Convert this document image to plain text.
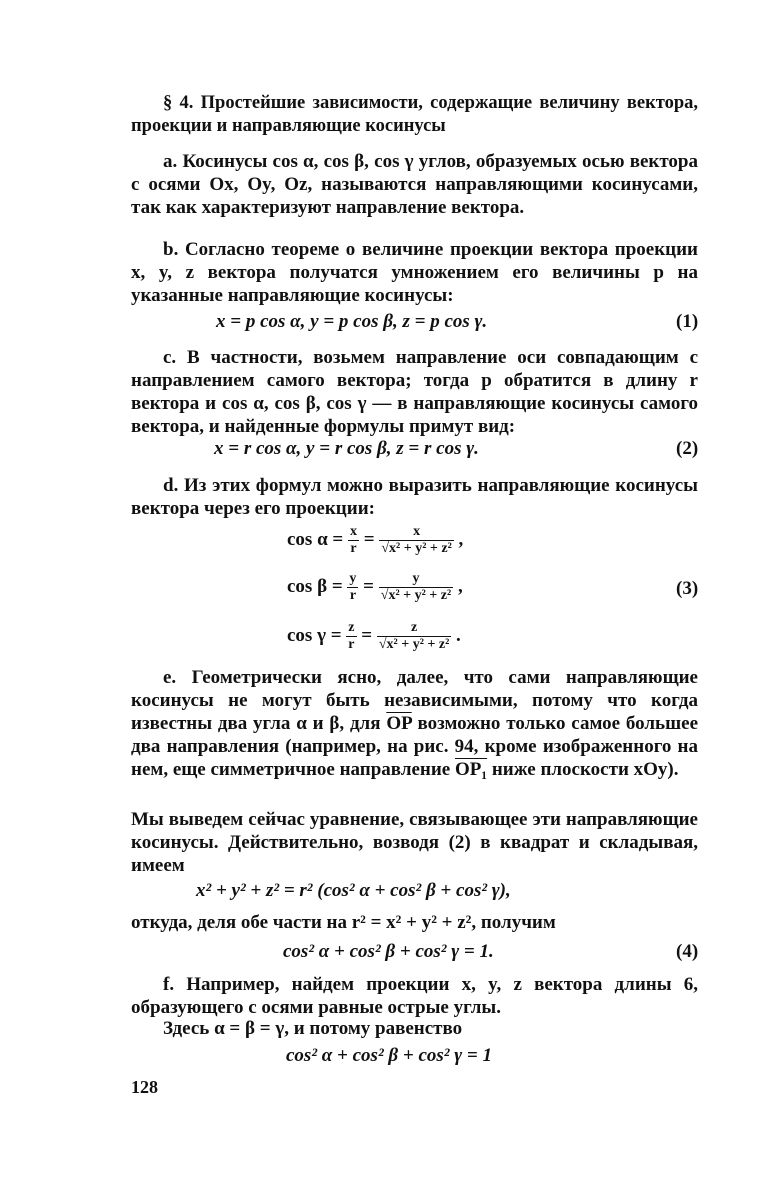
§ 4. Простейшие зависимости, содержащие величину вектора, проекции и направляющие косинусы

a. Косинусы cos α, cos β, cos γ углов, образуемых осью вектора с осями Ox, Oy, Oz, называются направляющими косинусами, так как характеризуют направление вектора.

b. Согласно теореме о величине проекции вектора проекции x, y, z вектора получатся умножением его величины p на указанные направляющие косинусы:

x = p cos α, y = p cos β, z = p cos γ.	(1)

c. В частности, возьмем направление оси совпадающим с направлением самого вектора; тогда p обратится в длину r вектора и cos α, cos β, cos γ — в направляющие косинусы самого вектора, и найденные формулы примут вид:

x = r cos α, y = r cos β, z = r cos γ.	(2)

d. Из этих формул можно выразить направляющие косинусы вектора через его проекции:

$\cos \alpha = \frac{x}{r} = \frac{x}{\text{√x² + y² + z²}}$ ,
$\cos \beta = \frac{y}{r} = \frac{y}{\text{√x² + y² + z²}}$ ,
$\cos \gamma = \frac{z}{r} = \frac{z}{\text{√x² + y² + z²}}$ .
(3)

e. Геометрически ясно, далее, что сами направляющие косинусы не могут быть независимыми, потому что когда известны два угла α и β, для $\overline{OP}$ возможно только самое большее два направления (например, на рис. 94, кроме изображенного на нем, еще симметричное направление OP₁ ниже плоскости xOy).

Мы выведем сейчас уравнение, связывающее эти направляющие косинусы. Действительно, возводя (2) в квадрат и складывая, имеем

x² + y² + z² = r² (cos² α + cos² β + cos² γ),

откуда, деля обе части на r² = x² + y² + z², получим

cos² α + cos² β + cos² γ = 1.	(4)

f. Например, найдем проекции x, y, z вектора длины 6, образующего с осями равные острые углы.

Здесь α = β = γ, и потому равенство

cos² α + cos² β + cos² γ = 1
128
